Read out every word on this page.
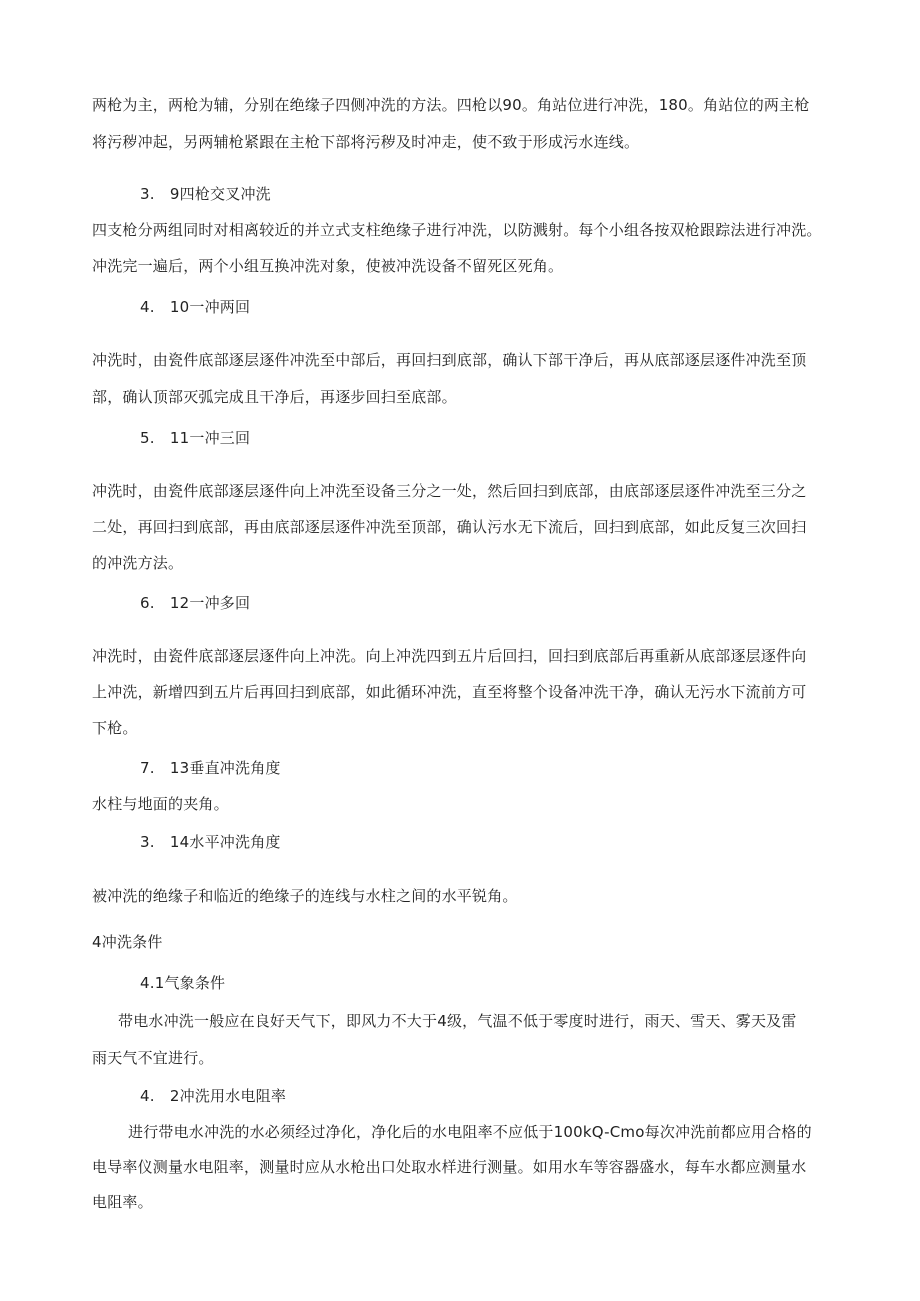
两枪为主，两枪为辅，分别在绝缘子四侧冲洗的方法。四枪以90。角站位进行冲洗，180。角站位的两主枪
将污秽冲起，另两辅枪紧跟在主枪下部将污秽及时冲走，使不致于形成污水连线。
3.　9四枪交叉冲洗
四支枪分两组同时对相离较近的并立式支柱绝缘子进行冲洗，以防溅射。每个小组各按双枪跟踪法进行冲洗。
冲洗完一遍后，两个小组互换冲洗对象，使被冲洗设备不留死区死角。
4.　10一冲两回
冲洗时，由瓷件底部逐层逐件冲洗至中部后，再回扫到底部，确认下部干净后，再从底部逐层逐件冲洗至顶
部，确认顶部灭弧完成且干净后，再逐步回扫至底部。
5.　11一冲三回
冲洗时，由瓷件底部逐层逐件向上冲洗至设备三分之一处，然后回扫到底部，由底部逐层逐件冲洗至三分之
二处，再回扫到底部，再由底部逐层逐件冲洗至顶部，确认污水无下流后，回扫到底部，如此反复三次回扫
的冲洗方法。
6.　12一冲多回
冲洗时，由瓷件底部逐层逐件向上冲洗。向上冲洗四到五片后回扫，回扫到底部后再重新从底部逐层逐件向
上冲洗，新增四到五片后再回扫到底部，如此循环冲洗，直至将整个设备冲洗干净，确认无污水下流前方可
下枪。
7.　13垂直冲洗角度
水柱与地面的夹角。
3.　14水平冲洗角度
被冲洗的绝缘子和临近的绝缘子的连线与水柱之间的水平锐角。
4冲洗条件
4.1气象条件
带电水冲洗一般应在良好天气下，即风力不大于4级，气温不低于零度时进行，雨天、雪天、雾天及雷
雨天气不宜进行。
4.　2冲洗用水电阻率
进行带电水冲洗的水必须经过净化，净化后的水电阻率不应低于100kQ-Cmo每次冲洗前都应用合格的
电导率仪测量水电阻率，测量时应从水枪出口处取水样进行测量。如用水车等容器盛水，每车水都应测量水
电阻率。
